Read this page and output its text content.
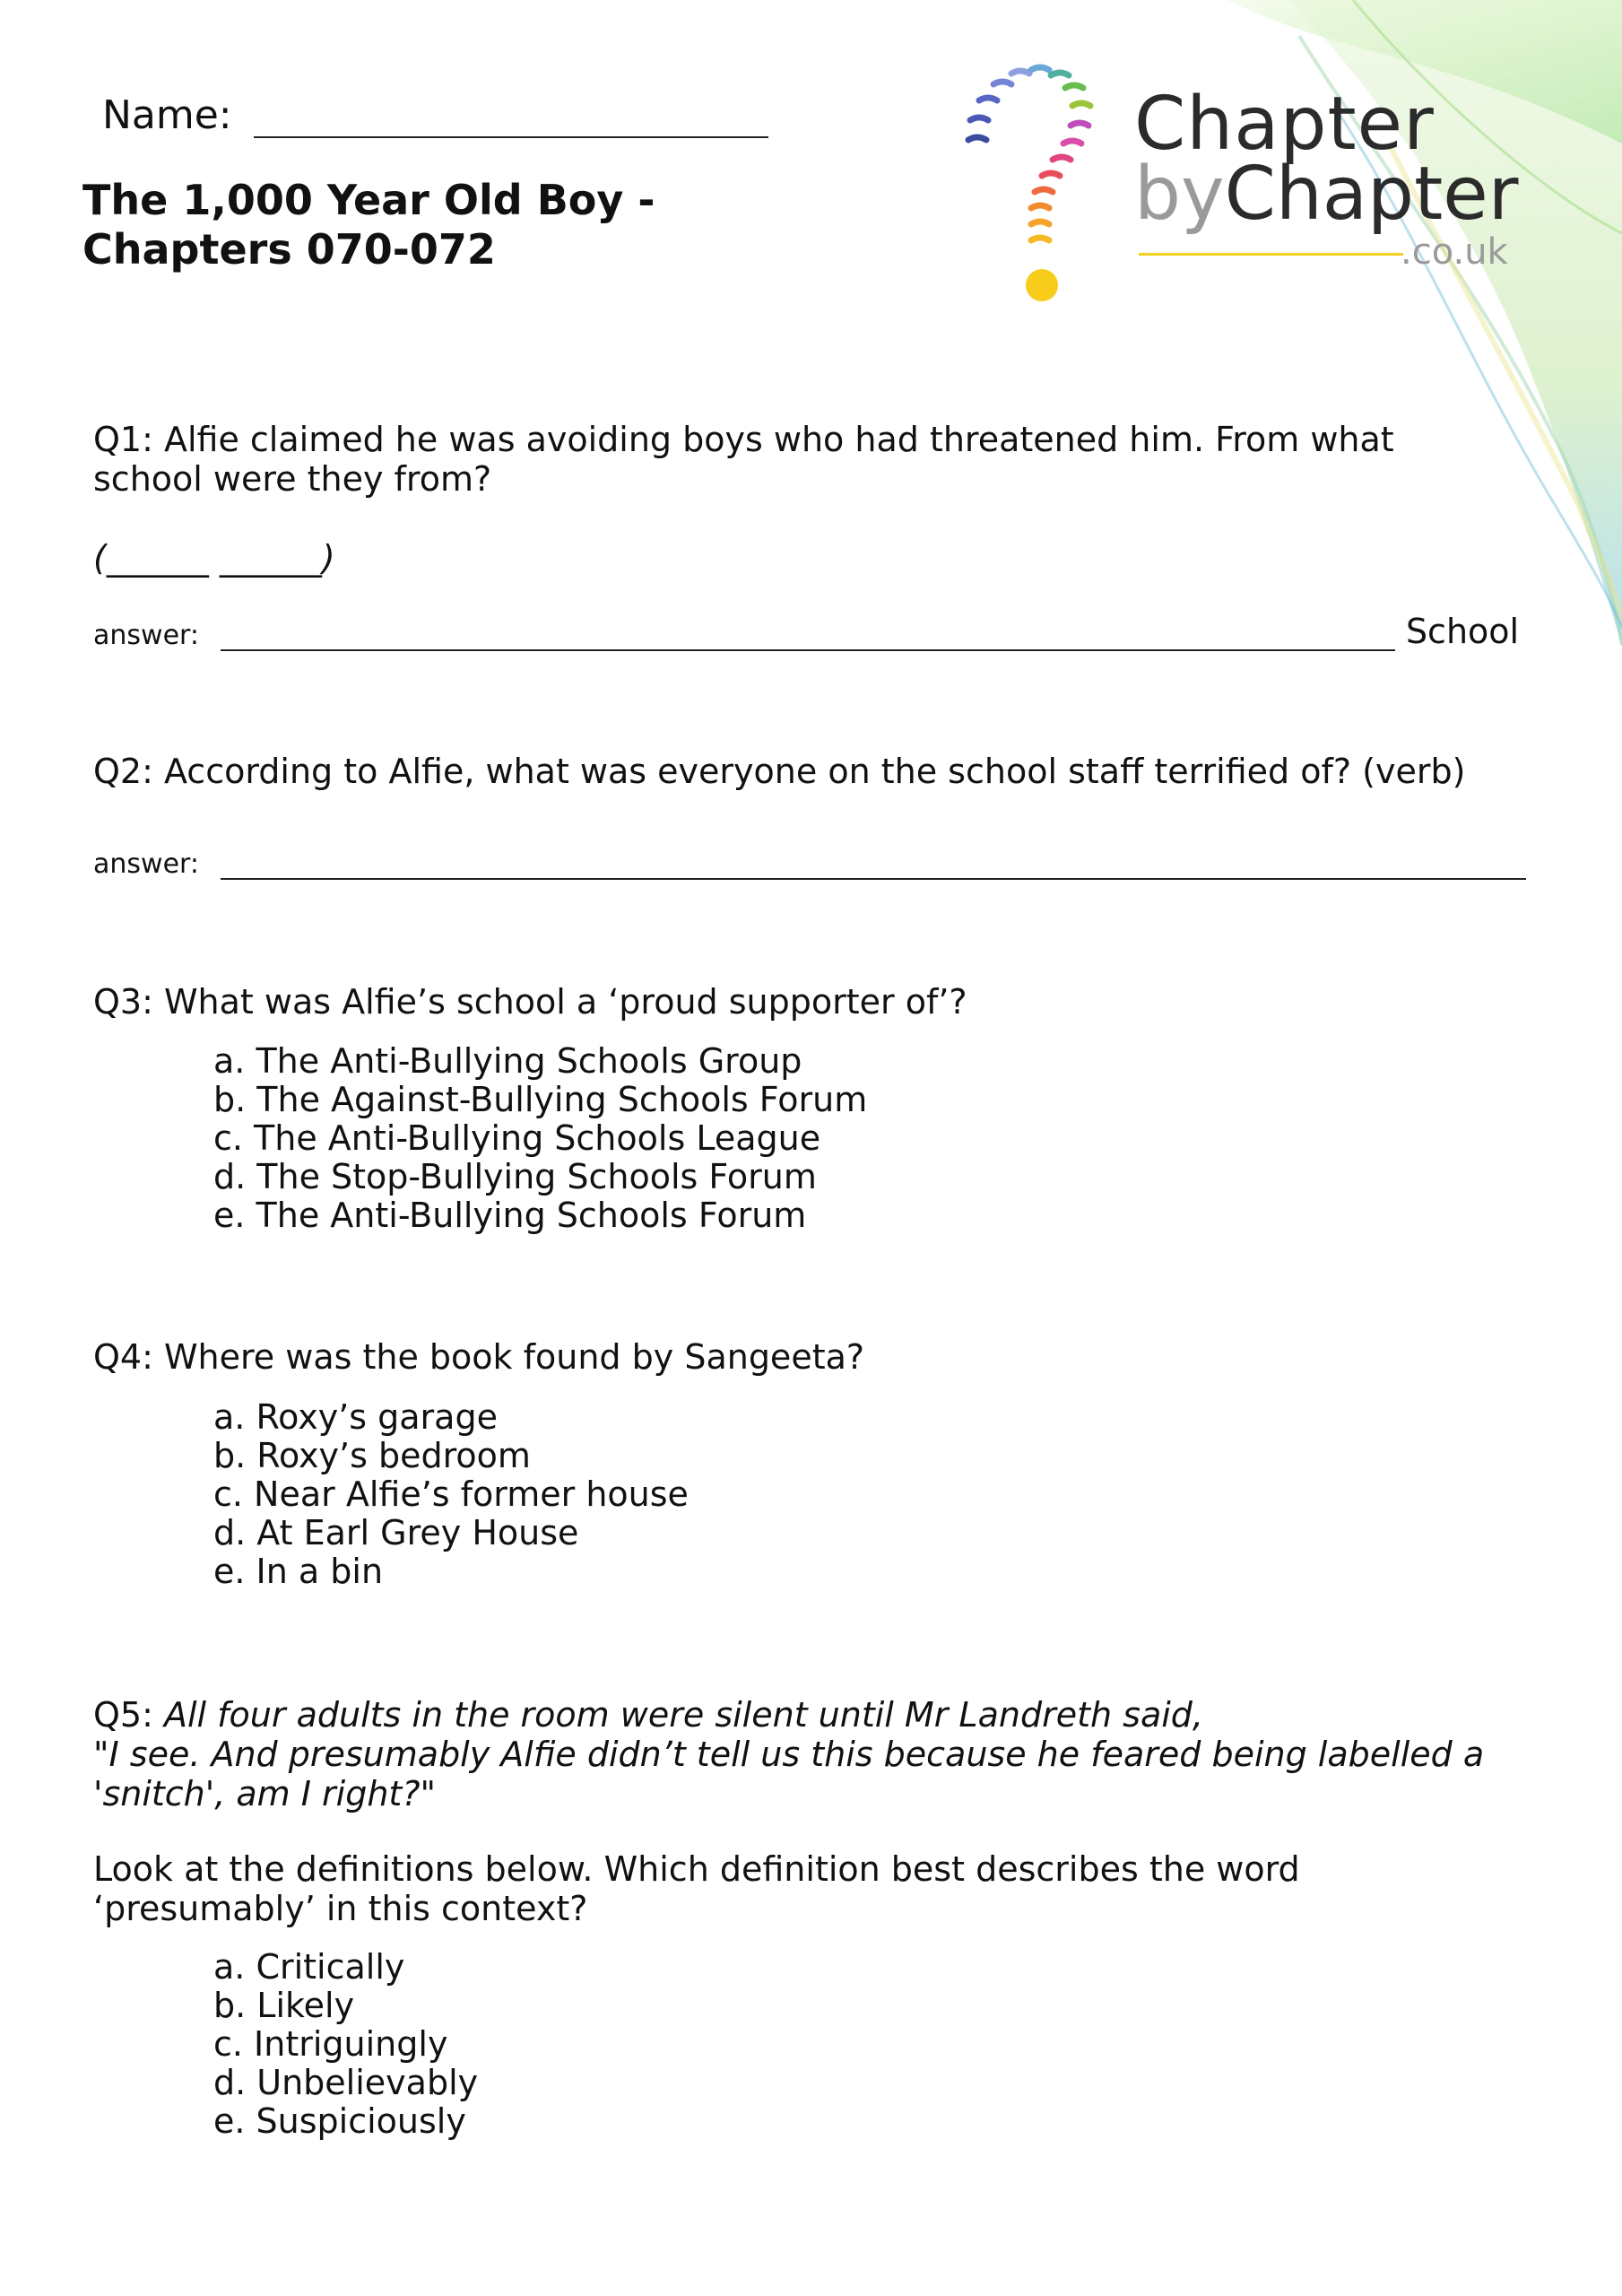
Name:
The 1,000 Year Old Boy -
Chapters 070-072
Chapter
byChapter
.co.uk

Q1: Alfie claimed he was avoiding boys who had threatened him. From what school were they from?

(______ ______)
answer:	School

Q2: According to Alfie, what was everyone on the school staff terrified of? (verb)

answer:

Q3: What was Alfie’s school a ‘proud supporter of’?

a. The Anti-Bullying Schools Group
b. The Against-Bullying Schools Forum
c. The Anti-Bullying Schools League
d. The Stop-Bullying Schools Forum
e. The Anti-Bullying Schools Forum

Q4: Where was the book found by Sangeeta?

a. Roxy’s garage
b. Roxy’s bedroom
c. Near Alfie’s former house
d. At Earl Grey House
e. In a bin

Q5: All four adults in the room were silent until Mr Landreth said,

"I see. And presumably Alfie didn’t tell us this because he feared being labelled a 'snitch', am I right?"

Look at the definitions below. Which definition best describes the word ‘presumably’ in this context?

a. Critically
b. Likely
c. Intriguingly
d. Unbelievably
e. Suspiciously
